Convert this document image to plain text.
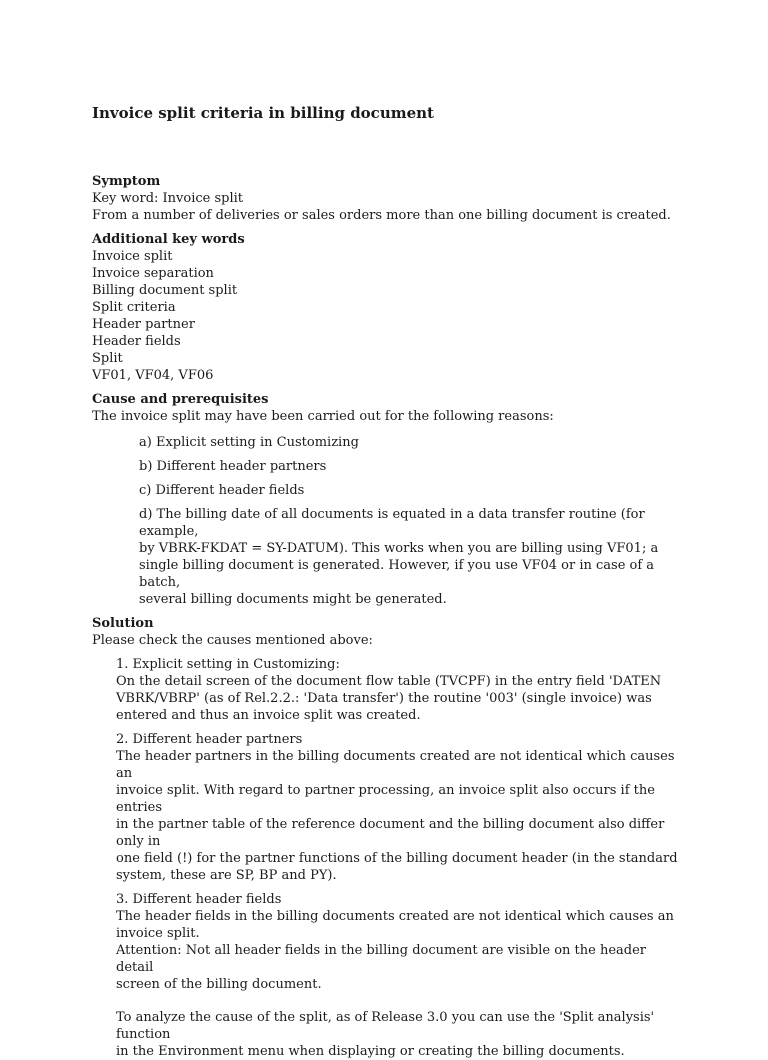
Invoice split criteria in billing document
Symptom
Key word: Invoice split
From a number of deliveries or sales orders more than one billing document is created.
Additional key words
Invoice split
Invoice separation
Billing document split
Split criteria
Header partner
Header fields
Split
VF01, VF04, VF06
Cause and prerequisites
The invoice split may have been carried out for the following reasons:
a) Explicit setting in Customizing
b) Different header partners
c) Different header fields
d) The billing date of all documents is equated in a data transfer routine (for example,
by VBRK-FKDAT = SY-DATUM). This works when you are billing using VF01; a
single billing document is generated. However, if you use VF04 or in case of a batch,
several billing documents might be generated.
Solution
Please check the causes mentioned above:
1. Explicit setting in Customizing:
On the detail screen of the document flow table (TVCPF) in the entry field 'DATEN
VBRK/VBRP' (as of Rel.2.2.: 'Data transfer') the routine '003' (single invoice) was
entered and thus an invoice split was created.
2. Different header partners
The header partners in the billing documents created are not identical which causes an
invoice split. With regard to partner processing, an invoice split also occurs if the entries
in the partner table of the reference document and the billing document also differ only in
one field (!) for the partner functions of the billing document header (in the standard
system, these are SP, BP and PY).
3. Different header fields
The header fields in the billing documents created are not identical which causes an
invoice split.
Attention: Not all header fields in the billing document are visible on the header detail
screen of the billing document.
To analyze the cause of the split, as of Release 3.0 you can use the 'Split analysis' function
in the Environment menu when displaying or creating the billing documents.
